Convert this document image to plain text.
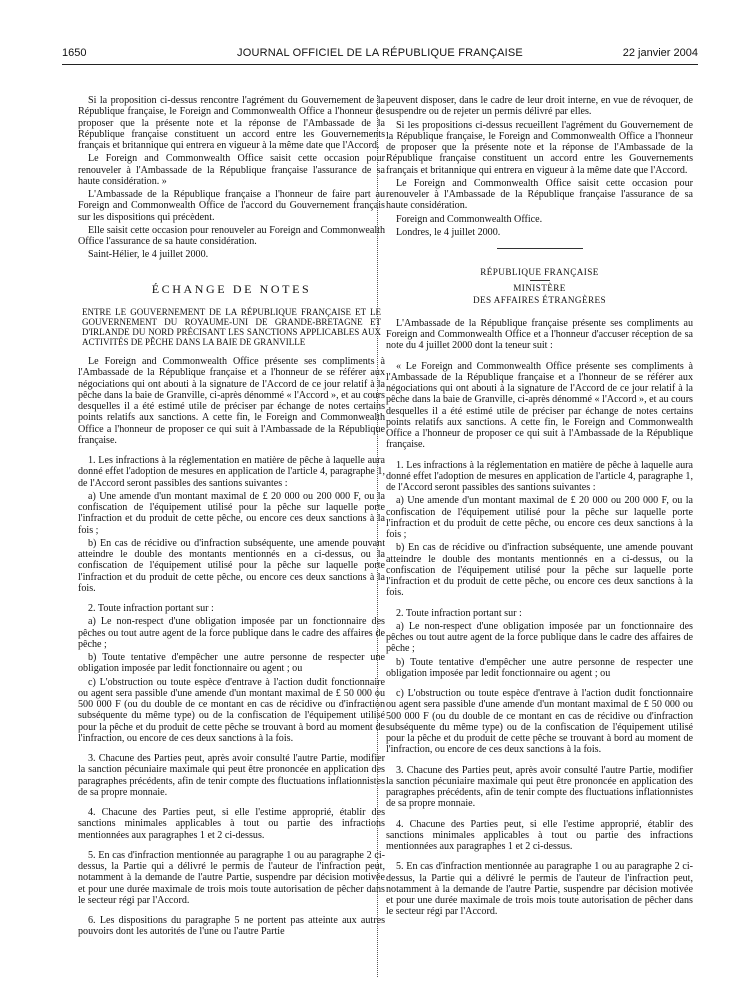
1650	JOURNAL OFFICIEL DE LA RÉPUBLIQUE FRANÇAISE	22 janvier 2004

Si la proposition ci-dessus rencontre l'agrément du Gouvernement de la République française, le Foreign and Commonwealth Office a l'honneur de proposer que la présente note et la réponse de l'Ambassade de la République française constituent un accord entre les Gouvernements français et britannique qui entrera en vigueur à la même date que l'Accord.

Le Foreign and Commonwealth Office saisit cette occasion pour renouveler à l'Ambassade de la République française l'assurance de sa haute considération. »

L'Ambassade de la République française a l'honneur de faire part au Foreign and Commonwealth Office de l'accord du Gouvernement français sur les dispositions qui précèdent.

Elle saisit cette occasion pour renouveler au Foreign and Commonwealth Office l'assurance de sa haute considération.

Saint-Hélier, le 4 juillet 2000.

ÉCHANGE DE NOTES
ENTRE LE GOUVERNEMENT DE LA RÉPUBLIQUE FRANÇAISE ET LE GOUVERNEMENT DU ROYAUME-UNI DE GRANDE-BRETAGNE ET D'IRLANDE DU NORD PRÉCISANT LES SANCTIONS APPLICABLES AUX ACTIVITÉS DE PÊCHE DANS LA BAIE DE GRANVILLE

Le Foreign and Commonwealth Office présente ses compliments à l'Ambassade de la République française et a l'honneur de se référer aux négociations qui ont abouti à la signature de l'Accord de ce jour relatif à la pêche dans la baie de Granville, ci-après dénommé « l'Accord », et au cours desquelles il a été estimé utile de préciser par échange de notes certains points relatifs aux sanctions. A cette fin, le Foreign and Commonwealth Office a l'honneur de proposer ce qui suit à l'Ambassade de la République française.

1. Les infractions à la réglementation en matière de pêche à laquelle aura donné effet l'adoption de mesures en application de l'article 4, paragraphe 1, de l'Accord seront passibles des santions suivantes :

a) Une amende d'un montant maximal de £ 20 000 ou 200 000 F, ou la confiscation de l'équipement utilisé pour la pêche sur laquelle porte l'infraction et du produit de cette pêche, ou encore ces deux sanctions à la fois ;

b) En cas de récidive ou d'infraction subséquente, une amende pouvant atteindre le double des montants mentionnés en a ci-dessus, ou la confiscation de l'équipement utilisé pour la pêche sur laquelle porte l'infraction et du produit de cette pêche, ou encore ces deux sanctions à la fois.

2. Toute infraction portant sur :

a) Le non-respect d'une obligation imposée par un fonctionnaire des pêches ou tout autre agent de la force publique dans le cadre des affaires de pêche ;

b) Toute tentative d'empêcher une autre personne de respecter une obligation imposée par ledit fonctionnaire ou agent ; ou

c) L'obstruction ou toute espèce d'entrave à l'action dudit fonctionnaire ou agent sera passible d'une amende d'un montant maximal de £ 50 000 ou 500 000 F (ou du double de ce montant en cas de récidive ou d'infraction subséquente du même type) ou de la confiscation de l'équipement utilisé pour la pêche et du produit de cette pêche se trouvant à bord au moment de l'infraction, ou encore de ces deux sanctions à la fois.

3. Chacune des Parties peut, après avoir consulté l'autre Partie, modifier la sanction pécuniaire maximale qui peut être prononcée en application des paragraphes précédents, afin de tenir compte des fluctuations inflationnistes de sa propre monnaie.

4. Chacune des Parties peut, si elle l'estime approprié, établir des sanctions minimales applicables à tout ou partie des infractions mentionnées aux paragraphes 1 et 2 ci-dessus.

5. En cas d'infraction mentionnée au paragraphe 1 ou au paragraphe 2 ci-dessus, la Partie qui a délivré le permis de l'auteur de l'infraction peut, notamment à la demande de l'autre Partie, suspendre par décision motivée et pour une durée maximale de trois mois toute autorisation de pêcher dans le secteur régi par l'Accord.

6. Les dispositions du paragraphe 5 ne portent pas atteinte aux autres pouvoirs dont les autorités de l'une ou l'autre Partie

peuvent disposer, dans le cadre de leur droit interne, en vue de révoquer, de suspendre ou de rejeter un permis délivré par elles.

Si les propositions ci-dessus recueillent l'agrément du Gouvernement de la République française, le Foreign and Commonwealth Office a l'honneur de proposer que la présente note et la réponse de l'Ambassade de la République française constituent un accord entre les Gouvernements français et britannique qui entrera en vigueur à la même date que l'Accord.

Le Foreign and Commonwealth Office saisit cette occasion pour renouveler à l'Ambassade de la République française l'assurance de sa haute considération.

Foreign and Commonwealth Office.

Londres, le 4 juillet 2000.

RÉPUBLIQUE FRANÇAISE
MINISTÈRE
DES AFFAIRES ÉTRANGÈRES

L'Ambassade de la République française présente ses compliments au Foreign and Commonwealth Office et a l'honneur d'accuser réception de sa note du 4 juillet 2000 dont la teneur suit :

« Le Foreign and Commonwealth Office présente ses compliments à l'Ambassade de la République française et a l'honneur de se référer aux négociations qui ont abouti à la signature de l'Accord de ce jour relatif à la pêche dans la baie de Granville, ci-après dénommé « l'Accord », et au cours desquelles il a été estimé utile de préciser par échange de notes certains points relatifs aux sanctions. A cette fin, le Foreign and Commonwealth Office a l'honneur de proposer ce qui suit à l'Ambassade de la République française.

1. Les infractions à la réglementation en matière de pêche à laquelle aura donné effet l'adoption de mesures en application de l'article 4, paragraphe 1, de l'Accord seront passibles des santions suivantes :

a) Une amende d'un montant maximal de £ 20 000 ou 200 000 F, ou la confiscation de l'équipement utilisé pour la pêche sur laquelle porte l'infraction et du produit de cette pêche, ou encore ces deux sanctions à la fois ;

b) En cas de récidive ou d'infraction subséquente, une amende pouvant atteindre le double des montants mentionnés en a ci-dessus, ou la confiscation de l'équipement utilisé pour la pêche sur laquelle porte l'infraction et du produit de cette pêche, ou encore ces deux sanctions à la fois.

2. Toute infraction portant sur :

a) Le non-respect d'une obligation imposée par un fonctionnaire des pêches ou tout autre agent de la force publique dans le cadre des affaires de pêche ;

b) Toute tentative d'empêcher une autre personne de respecter une obligation imposée par ledit fonctionnaire ou agent ; ou

c) L'obstruction ou toute espèce d'entrave à l'action dudit fonctionnaire ou agent sera passible d'une amende d'un montant maximal de £ 50 000 ou 500 000 F (ou du double de ce montant en cas de récidive ou d'infraction subséquente du même type) ou de la confiscation de l'équipement utilisé pour la pêche et du produit de cette pêche se trouvant à bord au moment de l'infraction, ou encore de ces deux sanctions à la fois.

3. Chacune des Parties peut, après avoir consulté l'autre Partie, modifier la sanction pécuniaire maximale qui peut être prononcée en application des paragraphes précédents, afin de tenir compte des fluctuations inflationnistes de sa propre monnaie.

4. Chacune des Parties peut, si elle l'estime approprié, établir des sanctions minimales applicables à tout ou partie des infractions mentionnées aux paragraphes 1 et 2 ci-dessus.

5. En cas d'infraction mentionnée au paragraphe 1 ou au paragraphe 2 ci-dessus, la Partie qui a délivré le permis de l'auteur de l'infraction peut, notamment à la demande de l'autre Partie, suspendre par décision motivée et pour une durée maximale de trois mois toute autorisation de pêcher dans le secteur régi par l'Accord.
